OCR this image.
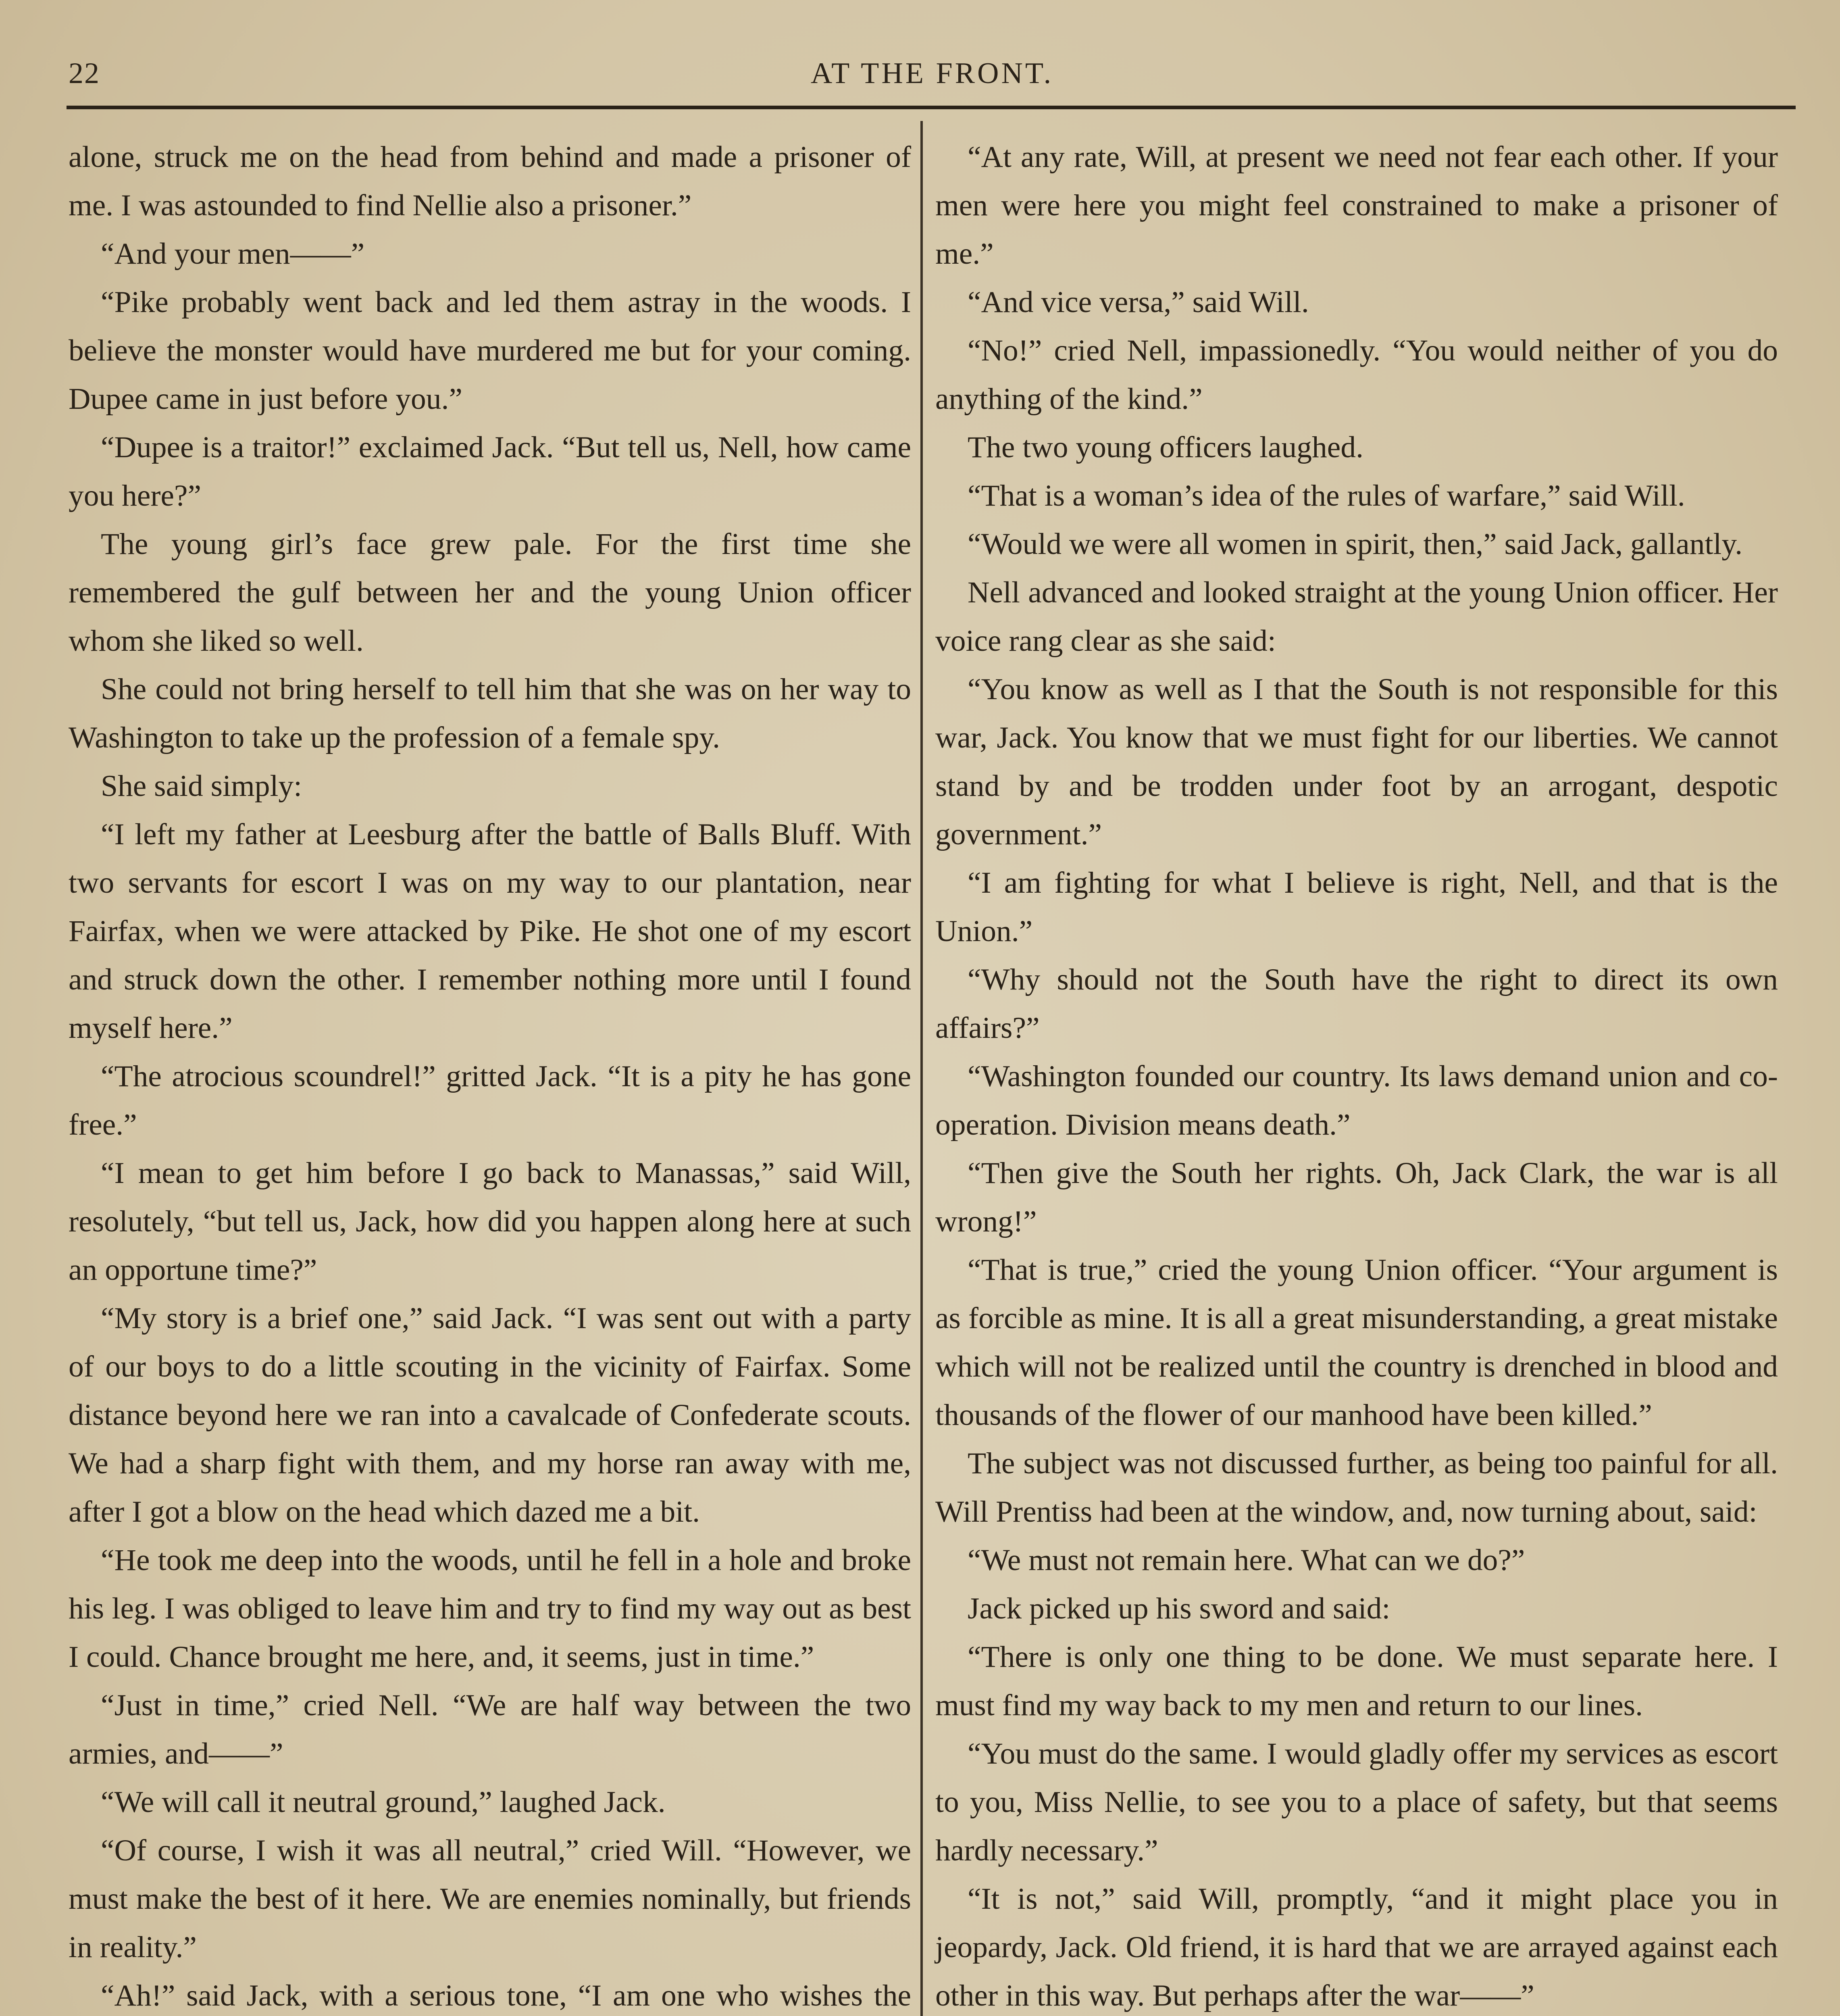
22	AT THE FRONT.

alone, struck me on the head from behind and made a prisoner of me. I was astounded to find Nellie also a prisoner.”

“And your men——”

“Pike probably went back and led them astray in the woods. I believe the monster would have murdered me but for your coming. Dupee came in just before you.”

“Dupee is a traitor!” exclaimed Jack. “But tell us, Nell, how came you here?”

The young girl’s face grew pale. For the first time she remembered the gulf between her and the young Union officer whom she liked so well.

She could not bring herself to tell him that she was on her way to Washington to take up the profession of a female spy.

She said simply:

“I left my father at Leesburg after the battle of Balls Bluff. With two servants for escort I was on my way to our plantation, near Fairfax, when we were attacked by Pike. He shot one of my escort and struck down the other. I remember nothing more until I found myself here.”

“The atrocious scoundrel!” gritted Jack. “It is a pity he has gone free.”

“I mean to get him before I go back to Manassas,” said Will, resolutely, “but tell us, Jack, how did you happen along here at such an opportune time?”

“My story is a brief one,” said Jack. “I was sent out with a party of our boys to do a little scouting in the vicinity of Fairfax. Some distance beyond here we ran into a cavalcade of Confederate scouts. We had a sharp fight with them, and my horse ran away with me, after I got a blow on the head which dazed me a bit.

“He took me deep into the woods, until he fell in a hole and broke his leg. I was obliged to leave him and try to find my way out as best I could. Chance brought me here, and, it seems, just in time.”

“Just in time,” cried Nell. “We are half way between the two armies, and——”

“We will call it neutral ground,” laughed Jack.

“Of course, I wish it was all neutral,” cried Will. “However, we must make the best of it here. We are enemies nominally, but friends in reality.”

“Ah!” said Jack, with a serious tone, “I am one who wishes the

“At any rate, Will, at present we need not fear each other. If your men were here you might feel constrained to make a prisoner of me.”

“And vice versa,” said Will.

“No!” cried Nell, impassionedly. “You would neither of you do anything of the kind.”

The two young officers laughed.

“That is a woman’s idea of the rules of warfare,” said Will.

“Would we were all women in spirit, then,” said Jack, gallantly.

Nell advanced and looked straight at the young Union officer. Her voice rang clear as she said:

“You know as well as I that the South is not responsible for this war, Jack. You know that we must fight for our liberties. We cannot stand by and be trodden under foot by an arrogant, despotic government.”

“I am fighting for what I believe is right, Nell, and that is the Union.”

“Why should not the South have the right to direct its own affairs?”

“Washington founded our country. Its laws demand union and co-operation. Division means death.”

“Then give the South her rights. Oh, Jack Clark, the war is all wrong!”

“That is true,” cried the young Union officer. “Your argument is as forcible as mine. It is all a great misunderstanding, a great mistake which will not be realized until the country is drenched in blood and thousands of the flower of our manhood have been killed.”

The subject was not discussed further, as being too painful for all. Will Prentiss had been at the window, and, now turning about, said:

“We must not remain here. What can we do?”

Jack picked up his sword and said:

“There is only one thing to be done. We must separate here. I must find my way back to my men and return to our lines.

“You must do the same. I would gladly offer my services as escort to you, Miss Nellie, to see you to a place of safety, but that seems hardly necessary.”

“It is not,” said Will, promptly, “and it might place you in jeopardy, Jack. Old friend, it is hard that we are arrayed against each other in this way. But perhaps after the war——”
